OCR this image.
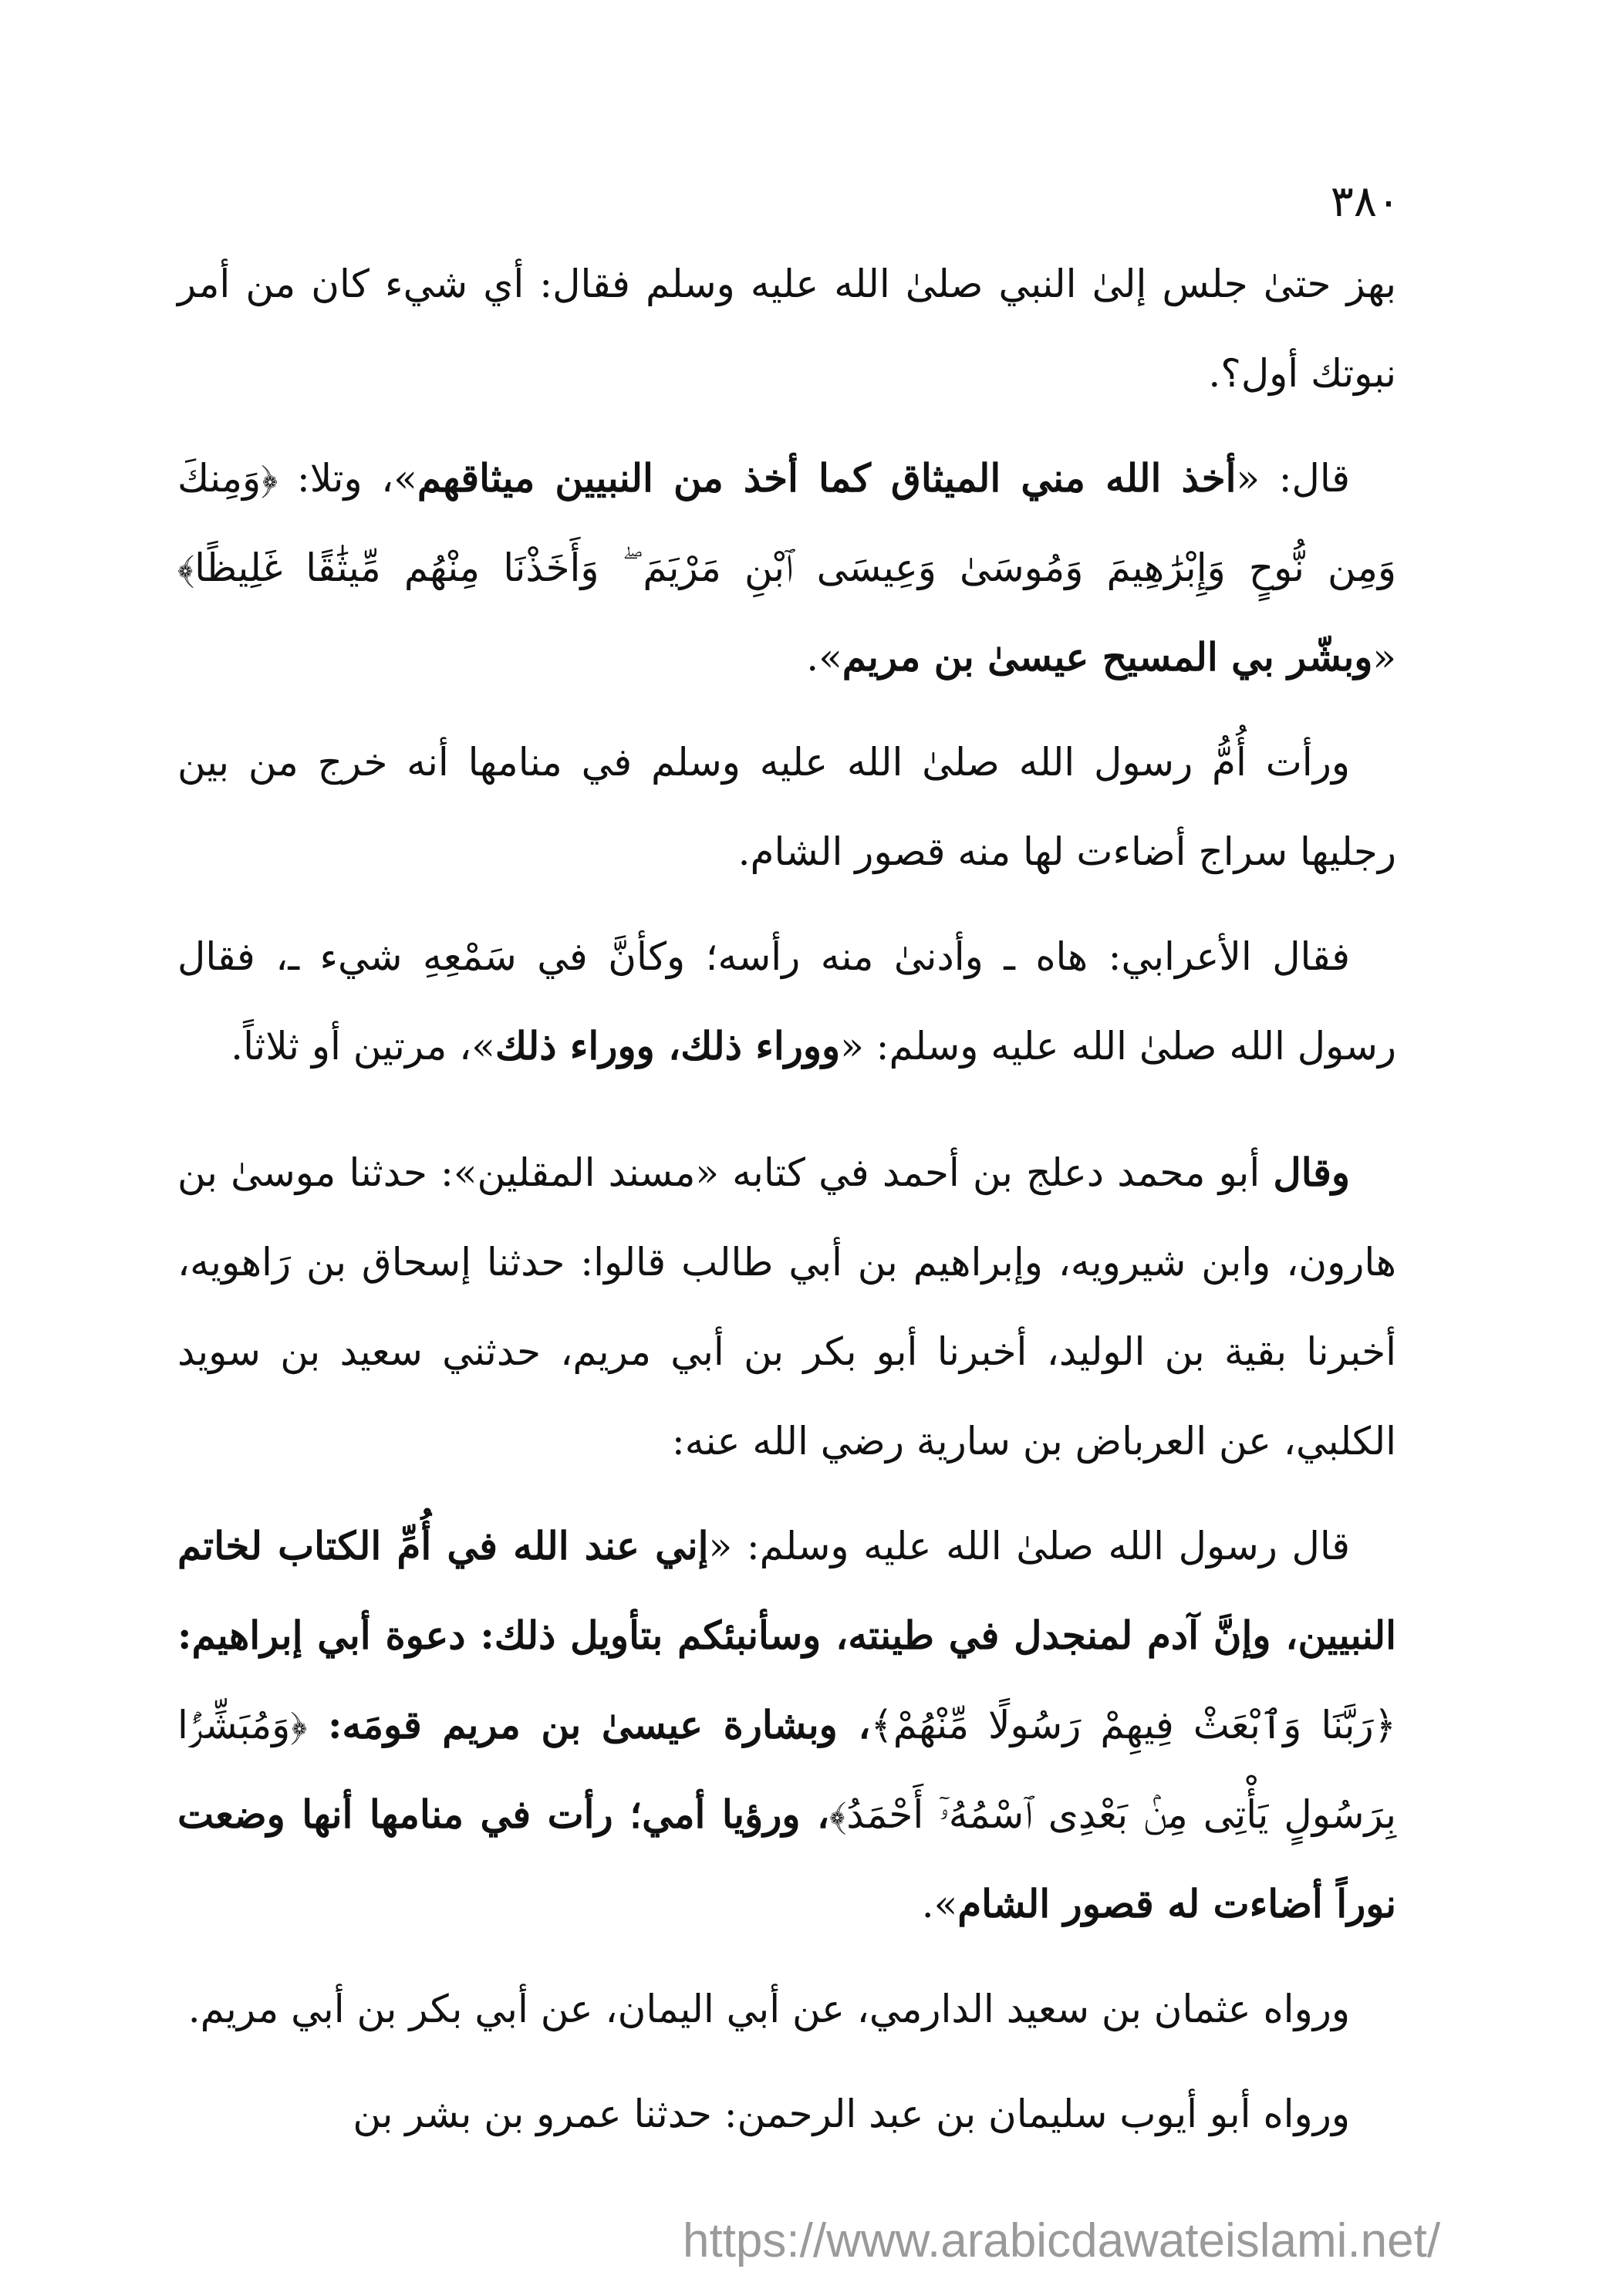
٣٨٠

بهز حتىٰ جلس إلىٰ النبي صلىٰ الله عليه وسلم فقال: أي شيء كان من أمر نبوتك أول؟.

قال: «أخذ الله مني الميثاق كما أخذ من النبيين ميثاقهم»، وتلا: ﴿وَمِنكَ وَمِن نُّوحٍ وَإِبْرَٰهِيمَ وَمُوسَىٰ وَعِيسَى ٱبْنِ مَرْيَمَ ۖ وَأَخَذْنَا مِنْهُم مِّيثَٰقًا غَلِيظًا﴾ «وبشّر بي المسيح عيسىٰ بن مريم».

ورأت أُمُّ رسول الله صلىٰ الله عليه وسلم في منامها أنه خرج من بين رجليها سراج أضاءت لها منه قصور الشام.

فقال الأعرابي: هاه ـ وأدنىٰ منه رأسه؛ وكأنَّ في سَمْعِهِ شيء ـ، فقال رسول الله صلىٰ الله عليه وسلم: «ووراء ذلك، ووراء ذلك»، مرتين أو ثلاثاً.

وقال أبو محمد دعلج بن أحمد في كتابه «مسند المقلين»: حدثنا موسىٰ بن هارون، وابن شيرويه، وإبراهيم بن أبي طالب قالوا: حدثنا إسحاق بن رَاهويه، أخبرنا بقية بن الوليد، أخبرنا أبو بكر بن أبي مريم، حدثني سعيد بن سويد الكلبي، عن العرباض بن سارية رضي الله عنه:

قال رسول الله صلىٰ الله عليه وسلم: «إني عند الله في أُمِّ الكتاب لخاتم النبيين، وإنَّ آدم لمنجدل في طينته، وسأنبئكم بتأويل ذلك: دعوة أبي إبراهيم: ﴿رَبَّنَا وَٱبْعَثْ فِيهِمْ رَسُولًا مِّنْهُمْ﴾، وبشارة عيسىٰ بن مريم قومَه: ﴿وَمُبَشِّرًۢا بِرَسُولٍ يَأْتِى مِنۢ بَعْدِى ٱسْمُهُۥٓ أَحْمَدُ﴾، ورؤيا أمي؛ رأت في منامها أنها وضعت نوراً أضاءت له قصور الشام».

ورواه عثمان بن سعيد الدارمي، عن أبي اليمان، عن أبي بكر بن أبي مريم.

ورواه أبو أيوب سليمان بن عبد الرحمن: حدثنا عمرو بن بشر بن

https://www.arabicdawateislami.net/
